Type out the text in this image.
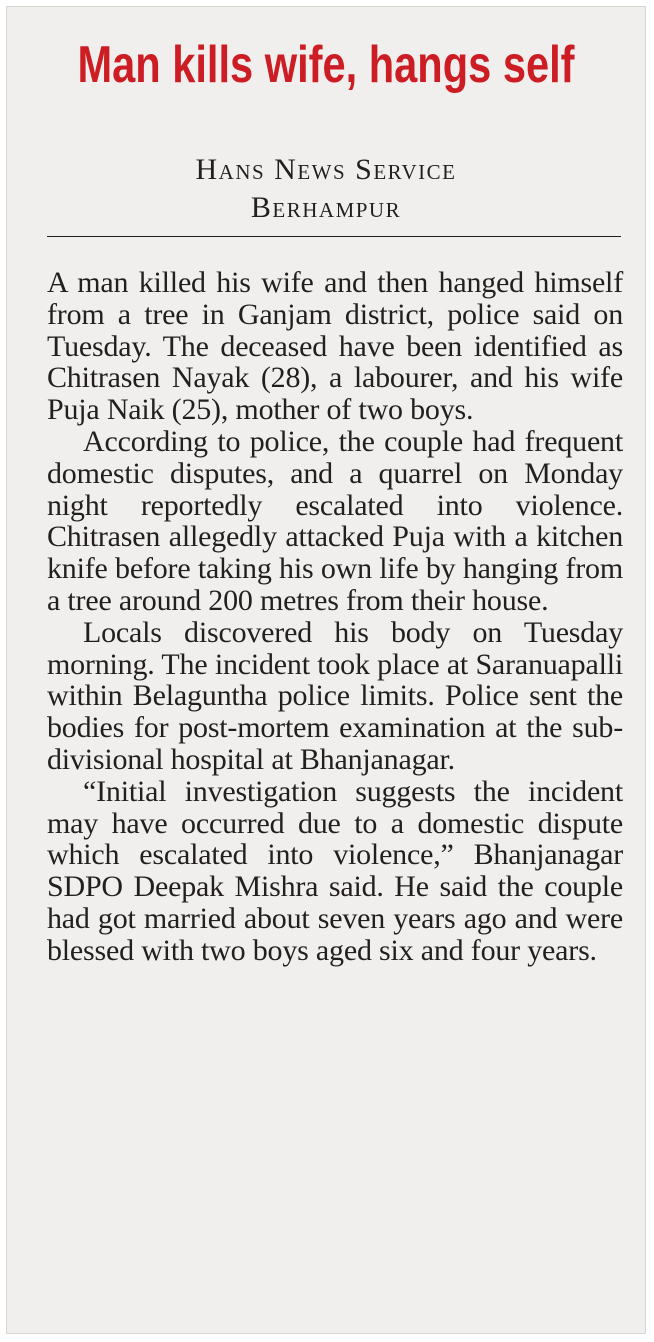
Man kills wife, hangs self
Hans News Service
Berhampur

A man killed his wife and then hanged himself from a tree in Ganjam district, police said on Tuesday. The deceased have been identified as Chitrasen Nayak (28), a labourer, and his wife Puja Naik (25), mother of two boys.

According to police, the couple had frequent domestic disputes, and a quarrel on Monday night reportedly escalated into violence. Chitrasen allegedly attacked Puja with a kitchen knife before taking his own life by hanging from a tree around 200 metres from their house.

Locals discovered his body on Tuesday morning. The incident took place at Saranuapalli within Belaguntha police limits. Police sent the bodies for post-mortem examination at the sub-divisional hospital at Bhanjanagar.

“Initial investigation suggests the incident may have occurred due to a domestic dispute which escalated into violence,” Bhanjanagar SDPO Deepak Mishra said. He said the couple had got married about seven years ago and were blessed with two boys aged six and four years.
